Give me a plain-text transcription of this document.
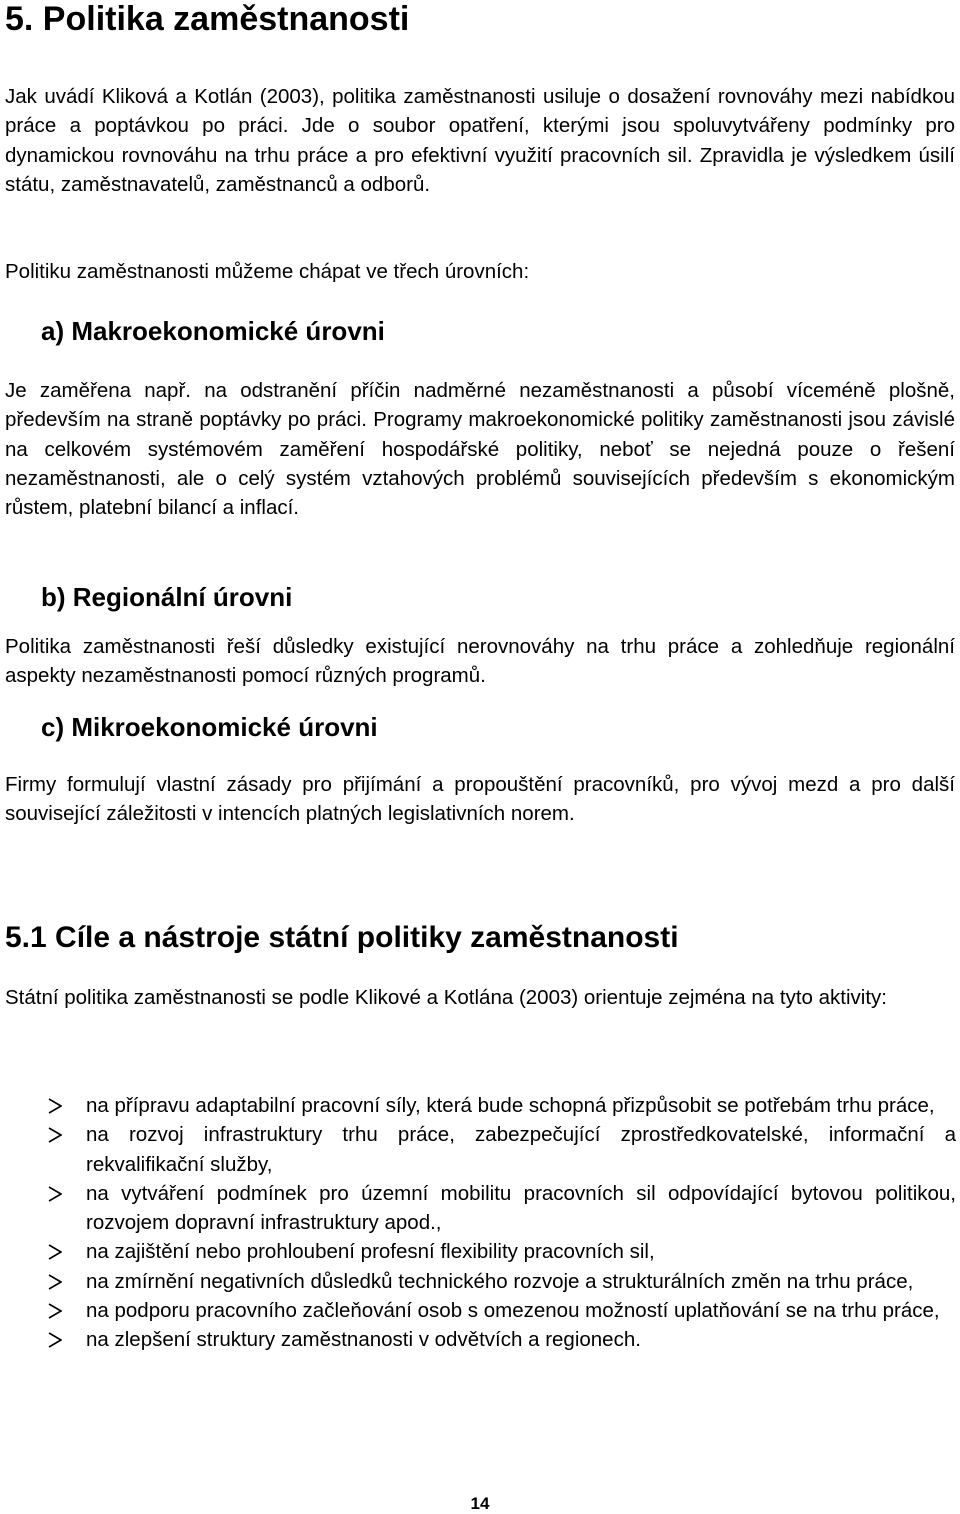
5. Politika zaměstnanosti

Jak uvádí Kliková a Kotlán (2003), politika zaměstnanosti usiluje o dosažení rovnováhy mezi nabídkou práce a poptávkou po práci. Jde o soubor opatření, kterými jsou spoluvytvářeny podmínky pro dynamickou rovnováhu na trhu práce a pro efektivní využití pracovních sil. Zpravidla je výsledkem úsilí státu, zaměstnavatelů, zaměstnanců a odborů.

Politiku zaměstnanosti můžeme chápat ve třech úrovních:

a) Makroekonomické úrovni

Je zaměřena např. na odstranění příčin nadměrné nezaměstnanosti a působí víceméně plošně, především na straně poptávky po práci. Programy makroekonomické politiky zaměstnanosti jsou závislé na celkovém systémovém zaměření hospodářské politiky, neboť se nejedná pouze o řešení nezaměstnanosti, ale o celý systém vztahových problémů souvisejících především s ekonomickým růstem, platební bilancí a inflací.

b) Regionální úrovni

Politika zaměstnanosti řeší důsledky existující nerovnováhy na trhu práce a zohledňuje regionální aspekty nezaměstnanosti pomocí různých programů.

c) Mikroekonomické úrovni

Firmy formulují vlastní zásady pro přijímání a propouštění pracovníků, pro vývoj mezd a pro další související záležitosti v intencích platných legislativních norem.

5.1 Cíle a nástroje státní politiky zaměstnanosti

Státní politika zaměstnanosti se podle Klikové a Kotlána (2003) orientuje zejména na tyto aktivity:

na přípravu adaptabilní pracovní síly, která bude schopná přizpůsobit se potřebám trhu práce,
na rozvoj infrastruktury trhu práce, zabezpečující zprostředkovatelské, informační a rekvalifikační služby,
na vytváření podmínek pro územní mobilitu pracovních sil odpovídající bytovou politikou, rozvojem dopravní infrastruktury apod.,
na zajištění nebo prohloubení profesní flexibility pracovních sil,
na zmírnění negativních důsledků technického rozvoje a strukturálních změn na trhu práce,
na podporu pracovního začleňování osob s omezenou možností uplatňování se na trhu práce,
na zlepšení struktury zaměstnanosti v odvětvích a regionech.
14
